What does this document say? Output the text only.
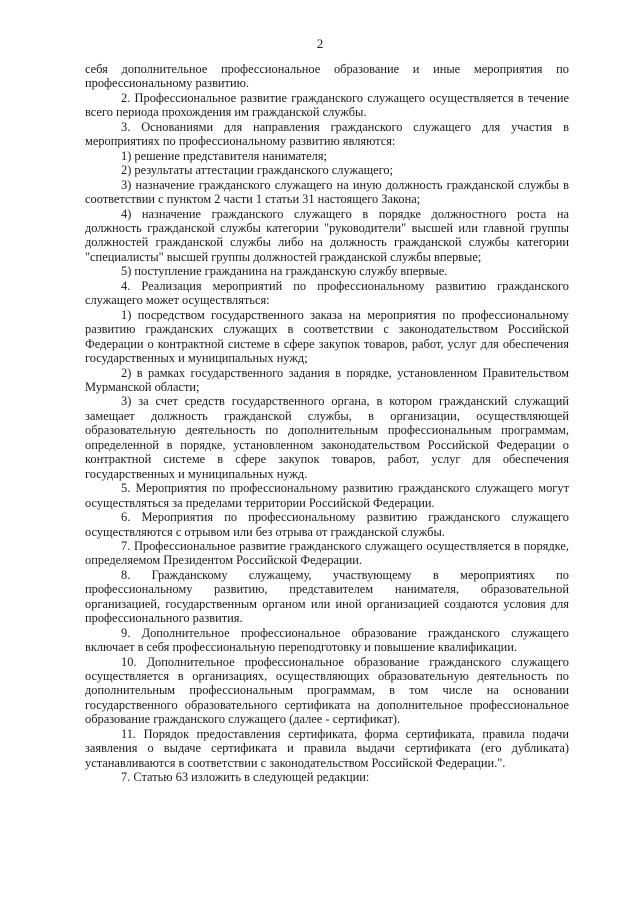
2

себя дополнительное профессиональное образование и иные мероприятия по профессиональному развитию.

2. Профессиональное развитие гражданского служащего осуществляется в течение всего периода прохождения им гражданской службы.

3. Основаниями для направления гражданского служащего для участия в мероприятиях по профессиональному развитию являются:

1) решение представителя нанимателя;

2) результаты аттестации гражданского служащего;

3) назначение гражданского служащего на иную должность гражданской службы в соответствии с пунктом 2 части 1 статьи 31 настоящего Закона;

4) назначение гражданского служащего в порядке должностного роста на должность гражданской службы категории "руководители" высшей или главной группы должностей гражданской службы либо на должность гражданской службы категории "специалисты" высшей группы должностей гражданской службы впервые;

5) поступление гражданина на гражданскую службу впервые.

4. Реализация мероприятий по профессиональному развитию гражданского служащего может осуществляться:

1) посредством государственного заказа на мероприятия по профессиональному развитию гражданских служащих в соответствии с законодательством Российской Федерации о контрактной системе в сфере закупок товаров, работ, услуг для обеспечения государственных и муниципальных нужд;

2) в рамках государственного задания в порядке, установленном Правительством Мурманской области;

3) за счет средств государственного органа, в котором гражданский служащий замещает должность гражданской службы, в организации, осуществляющей образовательную деятельность по дополнительным профессиональным программам, определенной в порядке, установленном законодательством Российской Федерации о контрактной системе в сфере закупок товаров, работ, услуг для обеспечения государственных и муниципальных нужд.

5. Мероприятия по профессиональному развитию гражданского служащего могут осуществляться за пределами территории Российской Федерации.

6. Мероприятия по профессиональному развитию гражданского служащего осуществляются с отрывом или без отрыва от гражданской службы.

7. Профессиональное развитие гражданского служащего осуществляется в порядке, определяемом Президентом Российской Федерации.

8. Гражданскому служащему, участвующему в мероприятиях по профессиональному развитию, представителем нанимателя, образовательной организацией, государственным органом или иной организацией создаются условия для профессионального развития.

9. Дополнительное профессиональное образование гражданского служащего включает в себя профессиональную переподготовку и повышение квалификации.

10. Дополнительное профессиональное образование гражданского служащего осуществляется в организациях, осуществляющих образовательную деятельность по дополнительным профессиональным программам, в том числе на основании государственного образовательного сертификата на дополнительное профессиональное образование гражданского служащего (далее - сертификат).

11. Порядок предоставления сертификата, форма сертификата, правила подачи заявления о выдаче сертификата и правила выдачи сертификата (его дубликата) устанавливаются в соответствии с законодательством Российской Федерации.".

7. Статью 63 изложить в следующей редакции:
